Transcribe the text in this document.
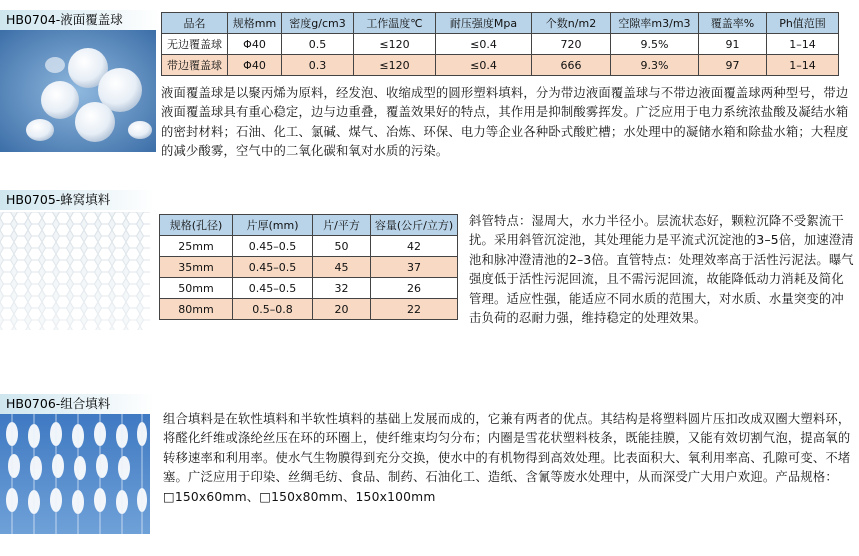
HB0704-液面覆盖球	品名	规格mm	密度g/cm3	工作温度℃	耐压强度Mpa	个数n/m2	空隙率m3/m3	覆盖率%	Ph值范围
无边覆盖球	Φ40	0.5	≤120	≤0.4	720	9.5%	91	1–14
带边覆盖球	Φ40	0.3	≤120	≤0.4	666	9.3%	97	1–14
液面覆盖球是以聚丙烯为原料，经发泡、收缩成型的圆形塑料填料，分为带边液面覆盖球与不带边液面覆盖球两种型号，带边液面覆盖球具有重心稳定，边与边重叠，覆盖效果好的特点，其作用是抑制酸雾挥发。广泛应用于电力系统浓盐酸及凝结水箱的密封材料；石油、化工、氯碱、煤气、冶炼、环保、电力等企业各种卧式酸贮槽；水处理中的凝储水箱和除盐水箱；大程度的减少酸雾，空气中的二氧化碳和氧对水质的污染。
HB0705-蜂窝填料
规格(孔径)	片厚(mm)	片/平方	容量(公斤/立方)
25mm	0.45–0.5	50	42
35mm	0.45–0.5	45	37
50mm	0.45–0.5	32	26
80mm	0.5–0.8	20	22
斜管特点：湿周大，水力半径小。层流状态好，颗粒沉降不受絮流干扰。采用斜管沉淀池，其处理能力是平流式沉淀池的3–5倍，加速澄清池和脉冲澄清池的2–3倍。直管特点：处理效率高于活性污泥法。曝气强度低于活性污泥回流，且不需污泥回流，故能降低动力消耗及简化管理。适应性强，能适应不同水质的范围大，对水质、水量突变的冲击负荷的忍耐力强，维持稳定的处理效果。
HB0706-组合填料
组合填料是在软性填料和半软性填料的基础上发展而成的，它兼有两者的优点。其结构是将塑料圆片压扣改成双圈大塑料环，将醛化纤维或涤纶丝压在环的环圈上，使纤维束均匀分布；内圈是雪花状塑料枝条，既能挂膜，又能有效切割气泡，提高氧的转移速率和利用率。使水气生物膜得到充分交换，使水中的有机物得到高效处理。比表面积大、氧利用率高、孔隙可变、不堵塞。广泛应用于印染、丝绸毛纺、食品、制药、石油化工、造纸、含氰等废水处理中，从而深受广大用户欢迎。产品规格：□150x60mm、□150x80mm、150x100mm
